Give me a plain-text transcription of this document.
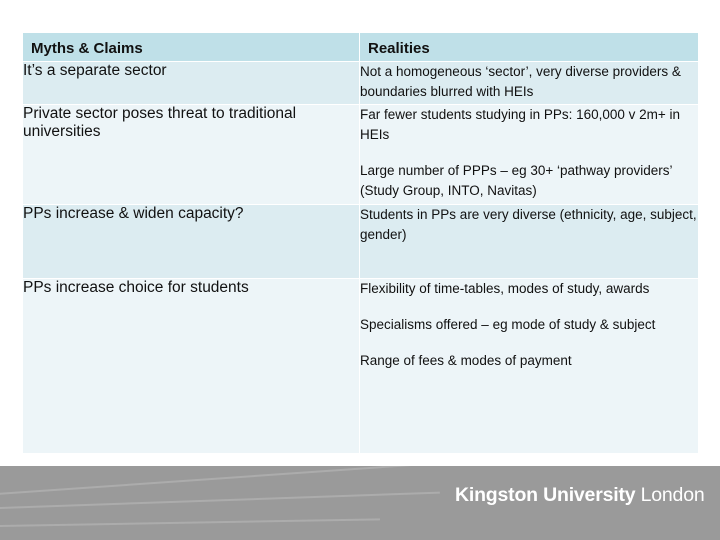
Myths & Claims	Realities
It’s a separate sector	Not a homogeneous ‘sector’, very diverse providers & boundaries blurred with HEIs

Private sector poses threat to traditional universities	Far fewer students studying in PPs: 160,000 v 2m+ in HEIs

Large number of PPPs – eg 30+ ‘pathway providers’ (Study Group, INTO, Navitas)

PPs increase & widen capacity?	Students in PPs are very diverse (ethnicity, age, subject, gender)

PPs increase choice for students	Flexibility of time-tables, modes of study, awards

Specialisms offered – eg mode of study & subject

Range of fees & modes of payment

Kingston University London
